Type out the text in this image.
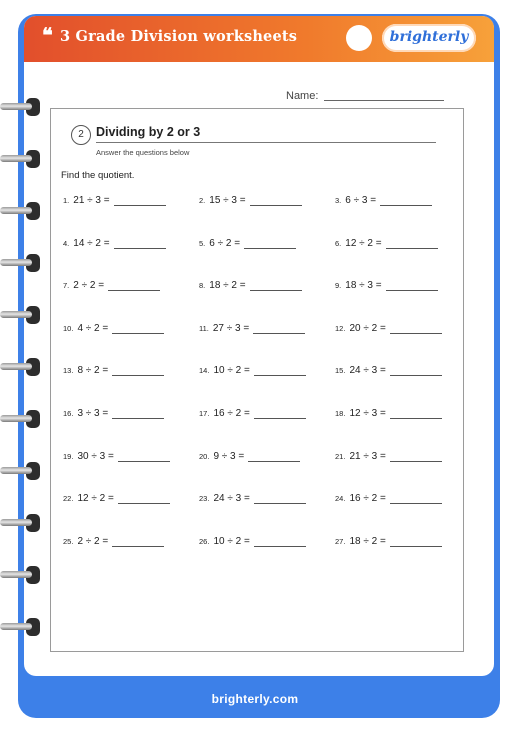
❝ 3 Grade Division worksheets	brighterly
Name:
2 Dividing by 2 or 3
Answer the questions below
Find the quotient.
1. 21 ÷ 3 =	2. 15 ÷ 3 =	3. 6 ÷ 3 =
4. 14 ÷ 2 =	5. 6 ÷ 2 =	6. 12 ÷ 2 =
7. 2 ÷ 2 =	8. 18 ÷ 2 =	9. 18 ÷ 3 =
10. 4 ÷ 2 =	11. 27 ÷ 3 =	12. 20 ÷ 2 =
13. 8 ÷ 2 =	14. 10 ÷ 2 =	15. 24 ÷ 3 =
16. 3 ÷ 3 =	17. 16 ÷ 2 =	18. 12 ÷ 3 =
19. 30 ÷ 3 =	20. 9 ÷ 3 =	21. 21 ÷ 3 =
22. 12 ÷ 2 =	23. 24 ÷ 3 =	24. 16 ÷ 2 =
25. 2 ÷ 2 =	26. 10 ÷ 2 =	27. 18 ÷ 2 =
brighterly.com
